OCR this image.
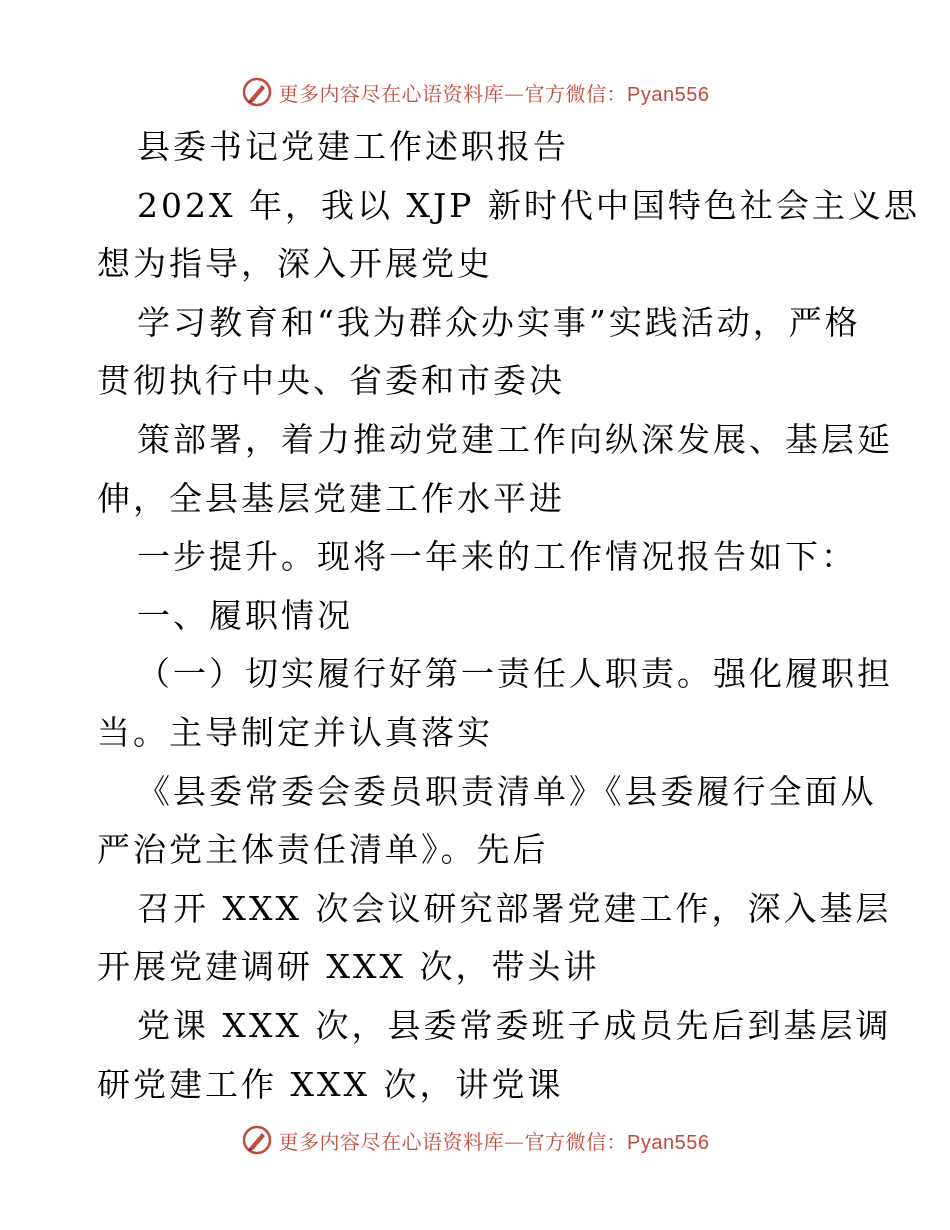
更多内容尽在心语资料库—官方微信：Pyan556
县委书记党建工作述职报告
202X 年，我以 XJP 新时代中国特色社会主义思
想为指导，深入开展党史
学习教育和“我为群众办实事”实践活动，严格
贯彻执行中央、省委和市委决
策部署，着力推动党建工作向纵深发展、基层延
伸，全县基层党建工作水平进
一步提升。现将一年来的工作情况报告如下：
一、履职情况
（一）切实履行好第一责任人职责。强化履职担
当。主导制定并认真落实
《县委常委会委员职责清单》《县委履行全面从
严治党主体责任清单》。先后
召开 XXX 次会议研究部署党建工作，深入基层
开展党建调研 XXX 次，带头讲
党课 XXX 次，县委常委班子成员先后到基层调
研党建工作 XXX 次，讲党课
更多内容尽在心语资料库—官方微信：Pyan556
